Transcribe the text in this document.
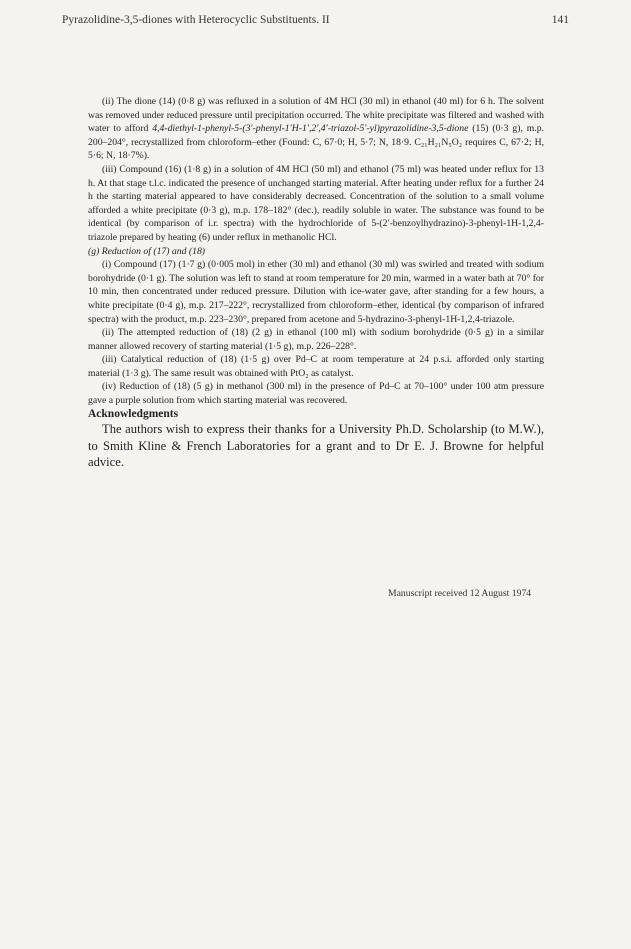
Pyrazolidine-3,5-diones with Heterocyclic Substituents. II	141

(ii) The dione (14) (0·8 g) was refluxed in a solution of 4M HCl (30 ml) in ethanol (40 ml) for 6 h. The solvent was removed under reduced pressure until precipitation occurred. The white precipitate was filtered and washed with water to afford 4,4-diethyl-1-phenyl-5-(3′-phenyl-1′H-1′,2′,4′-triazol-5′-yl)pyrazolidine-3,5-dione (15) (0·3 g), m.p. 200–204°, recrystallized from chloroform–ether (Found: C, 67·0; H, 5·7; N, 18·9. C₂₁H₂₁N₅O₂ requires C, 67·2; H, 5·6; N, 18·7%).

(iii) Compound (16) (1·8 g) in a solution of 4M HCl (50 ml) and ethanol (75 ml) was heated under reflux for 13 h. At that stage t.l.c. indicated the presence of unchanged starting material. After heating under reflux for a further 24 h the starting material appeared to have considerably decreased. Concentration of the solution to a small volume afforded a white precipitate (0·3 g), m.p. 178–182° (dec.), readily soluble in water. The substance was found to be identical (by comparison of i.r. spectra) with the hydrochloride of 5-(2′-benzoylhydrazino)-3-phenyl-1H-1,2,4-triazole prepared by heating (6) under reflux in methanolic HCl.

(g) Reduction of (17) and (18)

(i) Compound (17) (1·7 g) (0·005 mol) in ether (30 ml) and ethanol (30 ml) was swirled and treated with sodium borohydride (0·1 g). The solution was left to stand at room temperature for 20 min, warmed in a water bath at 70° for 10 min, then concentrated under reduced pressure. Dilution with ice-water gave, after standing for a few hours, a white precipitate (0·4 g), m.p. 217–222°, recrystallized from chloroform–ether, identical (by comparison of infrared spectra) with the product, m.p. 223–230°, prepared from acetone and 5-hydrazino-3-phenyl-1H-1,2,4-triazole.

(ii) The attempted reduction of (18) (2 g) in ethanol (100 ml) with sodium borohydride (0·5 g) in a similar manner allowed recovery of starting material (1·5 g), m.p. 226–228°.

(iii) Catalytical reduction of (18) (1·5 g) over Pd–C at room temperature at 24 p.s.i. afforded only starting material (1·3 g). The same result was obtained with PtO₂ as catalyst.

(iv) Reduction of (18) (5 g) in methanol (300 ml) in the presence of Pd–C at 70–100° under 100 atm pressure gave a purple solution from which starting material was recovered.

Acknowledgments

The authors wish to express their thanks for a University Ph.D. Scholarship (to M.W.), to Smith Kline & French Laboratories for a grant and to Dr E. J. Browne for helpful advice.

Manuscript received 12 August 1974
